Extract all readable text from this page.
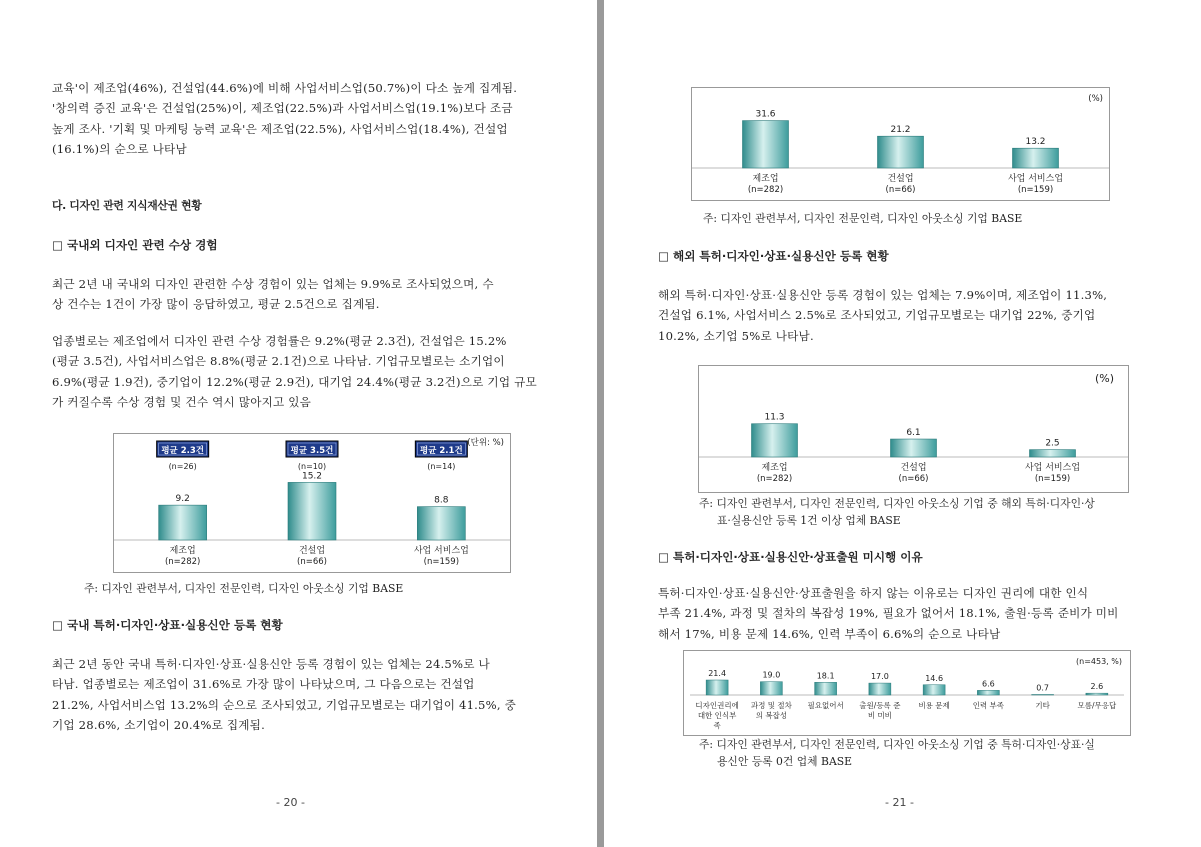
교육'이 제조업(46%), 건설업(44.6%)에 비해 사업서비스업(50.7%)이 다소 높게 집계됨.
'창의력 증진 교육'은 건설업(25%)이, 제조업(22.5%)과 사업서비스업(19.1%)보다 조금
높게 조사. '기획 및 마케팅 능력 교육'은 제조업(22.5%), 사업서비스업(18.4%), 건설업
(16.1%)의 순으로 나타남
다. 디자인 관련 지식재산권 현황
□ 국내외 디자인 관련 수상 경험
최근 2년 내 국내외 디자인 관련한 수상 경험이 있는 업체는 9.9%로 조사되었으며, 수
상 건수는 1건이 가장 많이 응답하였고, 평균 2.5건으로 집계됨.
업종별로는 제조업에서 디자인 관련 수상 경험률은 9.2%(평균 2.3건), 건설업은 15.2%
(평균 3.5건), 사업서비스업은 8.8%(평균 2.1건)으로 나타남. 기업규모별로는 소기업이
6.9%(평균 1.9건), 중기업이 12.2%(평균 2.9건), 대기업 24.4%(평균 3.2건)으로 기업 규모
가 커질수록 수상 경험 및 건수 역시 많아지고 있음
9.2
제조업
(n=282)
15.2
건설업
(n=66)
8.8
사업 서비스업
(n=159)
(단위: %)
평균 2.3건
(n=26)
평균 3.5건
(n=10)
평균 2.1건
(n=14)
주: 디자인 관련부서, 디자인 전문인력, 디자인 아웃소싱 기업 BASE
□ 국내 특허·디자인·상표·실용신안 등록 현황
최근 2년 동안 국내 특허·디자인·상표·실용신안 등록 경험이 있는 업체는 24.5%로 나
타남. 업종별로는 제조업이 31.6%로 가장 많이 나타났으며, 그 다음으로는 건설업
21.2%, 사업서비스업 13.2%의 순으로 조사되었고, 기업규모별로는 대기업이 41.5%, 중
기업 28.6%, 소기업이 20.4%로 집계됨.
- 20 -
31.6
제조업
(n=282)
21.2
건설업
(n=66)
13.2
사업 서비스업
(n=159)
(%)
주: 디자인 관련부서, 디자인 전문인력, 디자인 아웃소싱 기업 BASE
□ 해외 특허·디자인·상표·실용신안 등록 현황
해외 특허·디자인·상표·실용신안 등록 경험이 있는 업체는 7.9%이며, 제조업이 11.3%,
건설업 6.1%, 사업서비스 2.5%로 조사되었고, 기업규모별로는 대기업 22%, 중기업
10.2%, 소기업 5%로 나타남.
11.3
제조업
(n=282)
6.1
건설업
(n=66)
2.5
사업 서비스업
(n=159)
(%)
주: 디자인 관련부서, 디자인 전문인력, 디자인 아웃소싱 기업 중 해외 특허·디자인·상
표·실용신안 등록 1건 이상 업체 BASE
□ 특허·디자인·상표·실용신안·상표출원 미시행 이유
특허·디자인·상표·실용신안·상표출원을 하지 않는 이유로는 디자인 권리에 대한 인식
부족 21.4%, 과정 및 절차의 복잡성 19%, 필요가 없어서 18.1%, 출원·등록 준비가 미비
해서 17%, 비용 문제 14.6%, 인력 부족이 6.6%의 순으로 나타남
(n=453, %)
21.4
디자인권리에
대한 인식부
족
19.0
과정 및 절차
의 복잡성
18.1
필요없어서
17.0
출원/등록 준
비 미비
14.6
비용 문제
6.6
인력 부족
0.7
기타
2.6
모름/무응답
주: 디자인 관련부서, 디자인 전문인력, 디자인 아웃소싱 기업 중 특허·디자인·상표·실
용신안 등록 0건 업체 BASE
- 21 -
